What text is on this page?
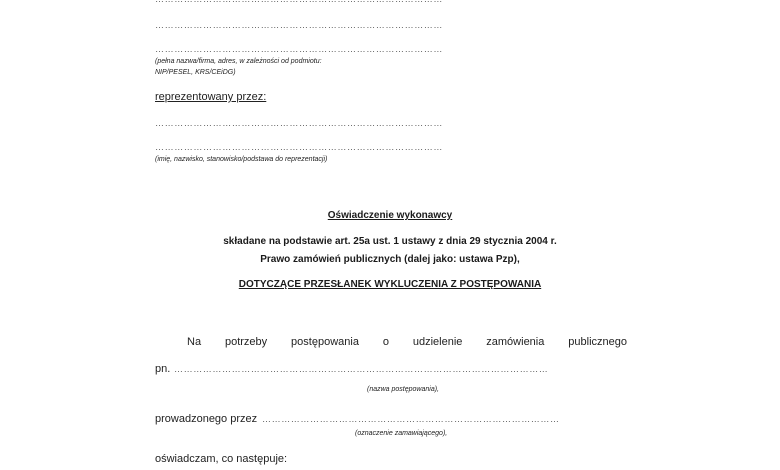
………………………………………………………………………………
………………………………………………………………………………
(pełna nazwa/firma, adres, w zależności od podmiotu:
NIP/PESEL, KRS/CEiDG)
reprezentowany przez:
………………………………………………………………………………
………………………………………………………………………………
(imię, nazwisko, stanowisko/podstawa do reprezentacji)
Oświadczenie wykonawcy
składane na podstawie art. 25a ust. 1 ustawy z dnia 29 stycznia 2004 r.
Prawo zamówień publicznych (dalej jako: ustawa Pzp),
DOTYCZĄCE PRZESŁANEK WYKLUCZENIA Z POSTĘPOWANIA
Na potrzeby postępowania o udzielenie zamówienia publicznego
pn. ………………………………………………………………………………………………………
(nazwa postępowania),
prowadzonego przez …………………………………………………………………………………
(oznaczenie zamawiającego),
oświadczam, co następuje:
